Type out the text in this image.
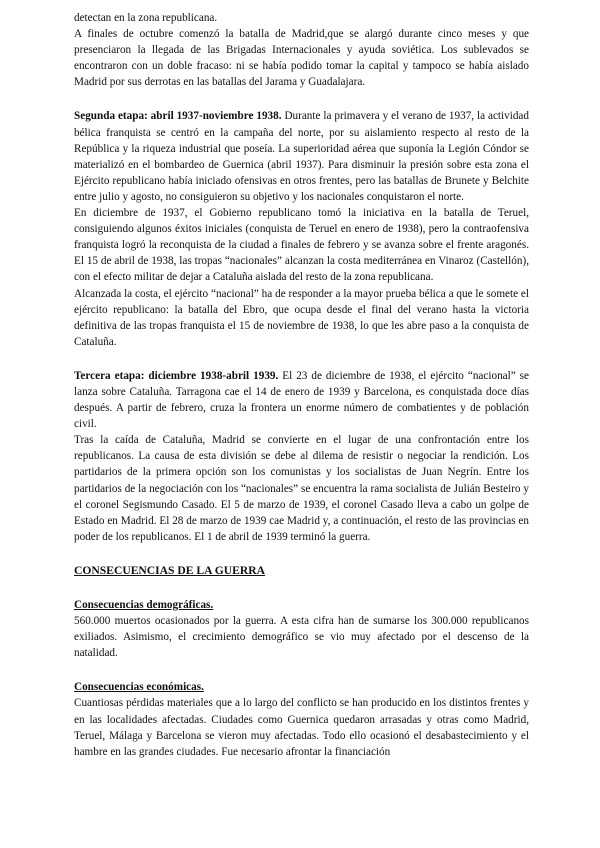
detectan en la zona republicana.

A finales de octubre comenzó la batalla de Madrid,que se alargó durante cinco meses y que presenciaron la llegada de las Brigadas Internacionales y ayuda soviética. Los sublevados se encontraron con un doble fracaso: ni se había podido tomar la capital y tampoco se había aislado Madrid por sus derrotas en las batallas del Jarama y Guadalajara.

Segunda etapa: abril 1937-noviembre 1938. Durante la primavera y el verano de 1937, la actividad bélica franquista se centró en la campaña del norte, por su aislamiento respecto al resto de la República y la riqueza industrial que poseía. La superioridad aérea que suponía la Legión Cóndor se materializó en el bombardeo de Guernica (abril 1937). Para disminuir la presión sobre esta zona el Ejército republicano había iniciado ofensivas en otros frentes, pero las batallas de Brunete y Belchite entre julio y agosto, no consiguieron su objetivo y los nacionales conquistaron el norte.

En diciembre de 1937, el Gobierno republicano tomó la iniciativa en la batalla de Teruel, consiguiendo algunos éxitos iniciales (conquista de Teruel en enero de 1938), pero la contraofensiva franquista logró la reconquista de la ciudad a finales de febrero y se avanza sobre el frente aragonés. El 15 de abril de 1938, las tropas “nacionales” alcanzan la costa mediterránea en Vinaroz (Castellón), con el efecto militar de dejar a Cataluña aislada del resto de la zona republicana.

Alcanzada la costa, el ejército “nacional” ha de responder a la mayor prueba bélica a que le somete el ejército republicano: la batalla del Ebro, que ocupa desde el final del verano hasta la victoria definitiva de las tropas franquista el 15 de noviembre de 1938, lo que les abre paso a la conquista de Cataluña.

Tercera etapa: diciembre 1938-abril 1939. El 23 de diciembre de 1938, el ejército “nacional” se lanza sobre Cataluña. Tarragona cae el 14 de enero de 1939 y Barcelona, es conquistada doce días después. A partir de febrero, cruza la frontera un enorme número de combatientes y de población civil.

Tras la caída de Cataluña, Madrid se convierte en el lugar de una confrontación entre los republicanos. La causa de esta división se debe al dilema de resistir o negociar la rendición. Los partidarios de la primera opción son los comunistas y los socialistas de Juan Negrín. Entre los partidarios de la negociación con los “nacionales” se encuentra la rama socialista de Julián Besteiro y el coronel Segismundo Casado. El 5 de marzo de 1939, el coronel Casado lleva a cabo un golpe de Estado en Madrid. El 28 de marzo de 1939 cae Madrid y, a continuación, el resto de las provincias en poder de los republicanos. El 1 de abril de 1939 terminó la guerra.

CONSECUENCIAS DE LA GUERRA

Consecuencias demográficas.

560.000 muertos ocasionados por la guerra. A esta cifra han de sumarse los 300.000 republicanos exiliados. Asimismo, el crecimiento demográfico se vio muy afectado por el descenso de la natalidad.

Consecuencias económicas.

Cuantiosas pérdidas materiales que a lo largo del conflicto se han producido en los distintos frentes y en las localidades afectadas. Ciudades como Guernica quedaron arrasadas y otras como Madrid, Teruel, Málaga y Barcelona se vieron muy afectadas. Todo ello ocasionó el desabastecimiento y el hambre en las grandes ciudades. Fue necesario afrontar la financiación
